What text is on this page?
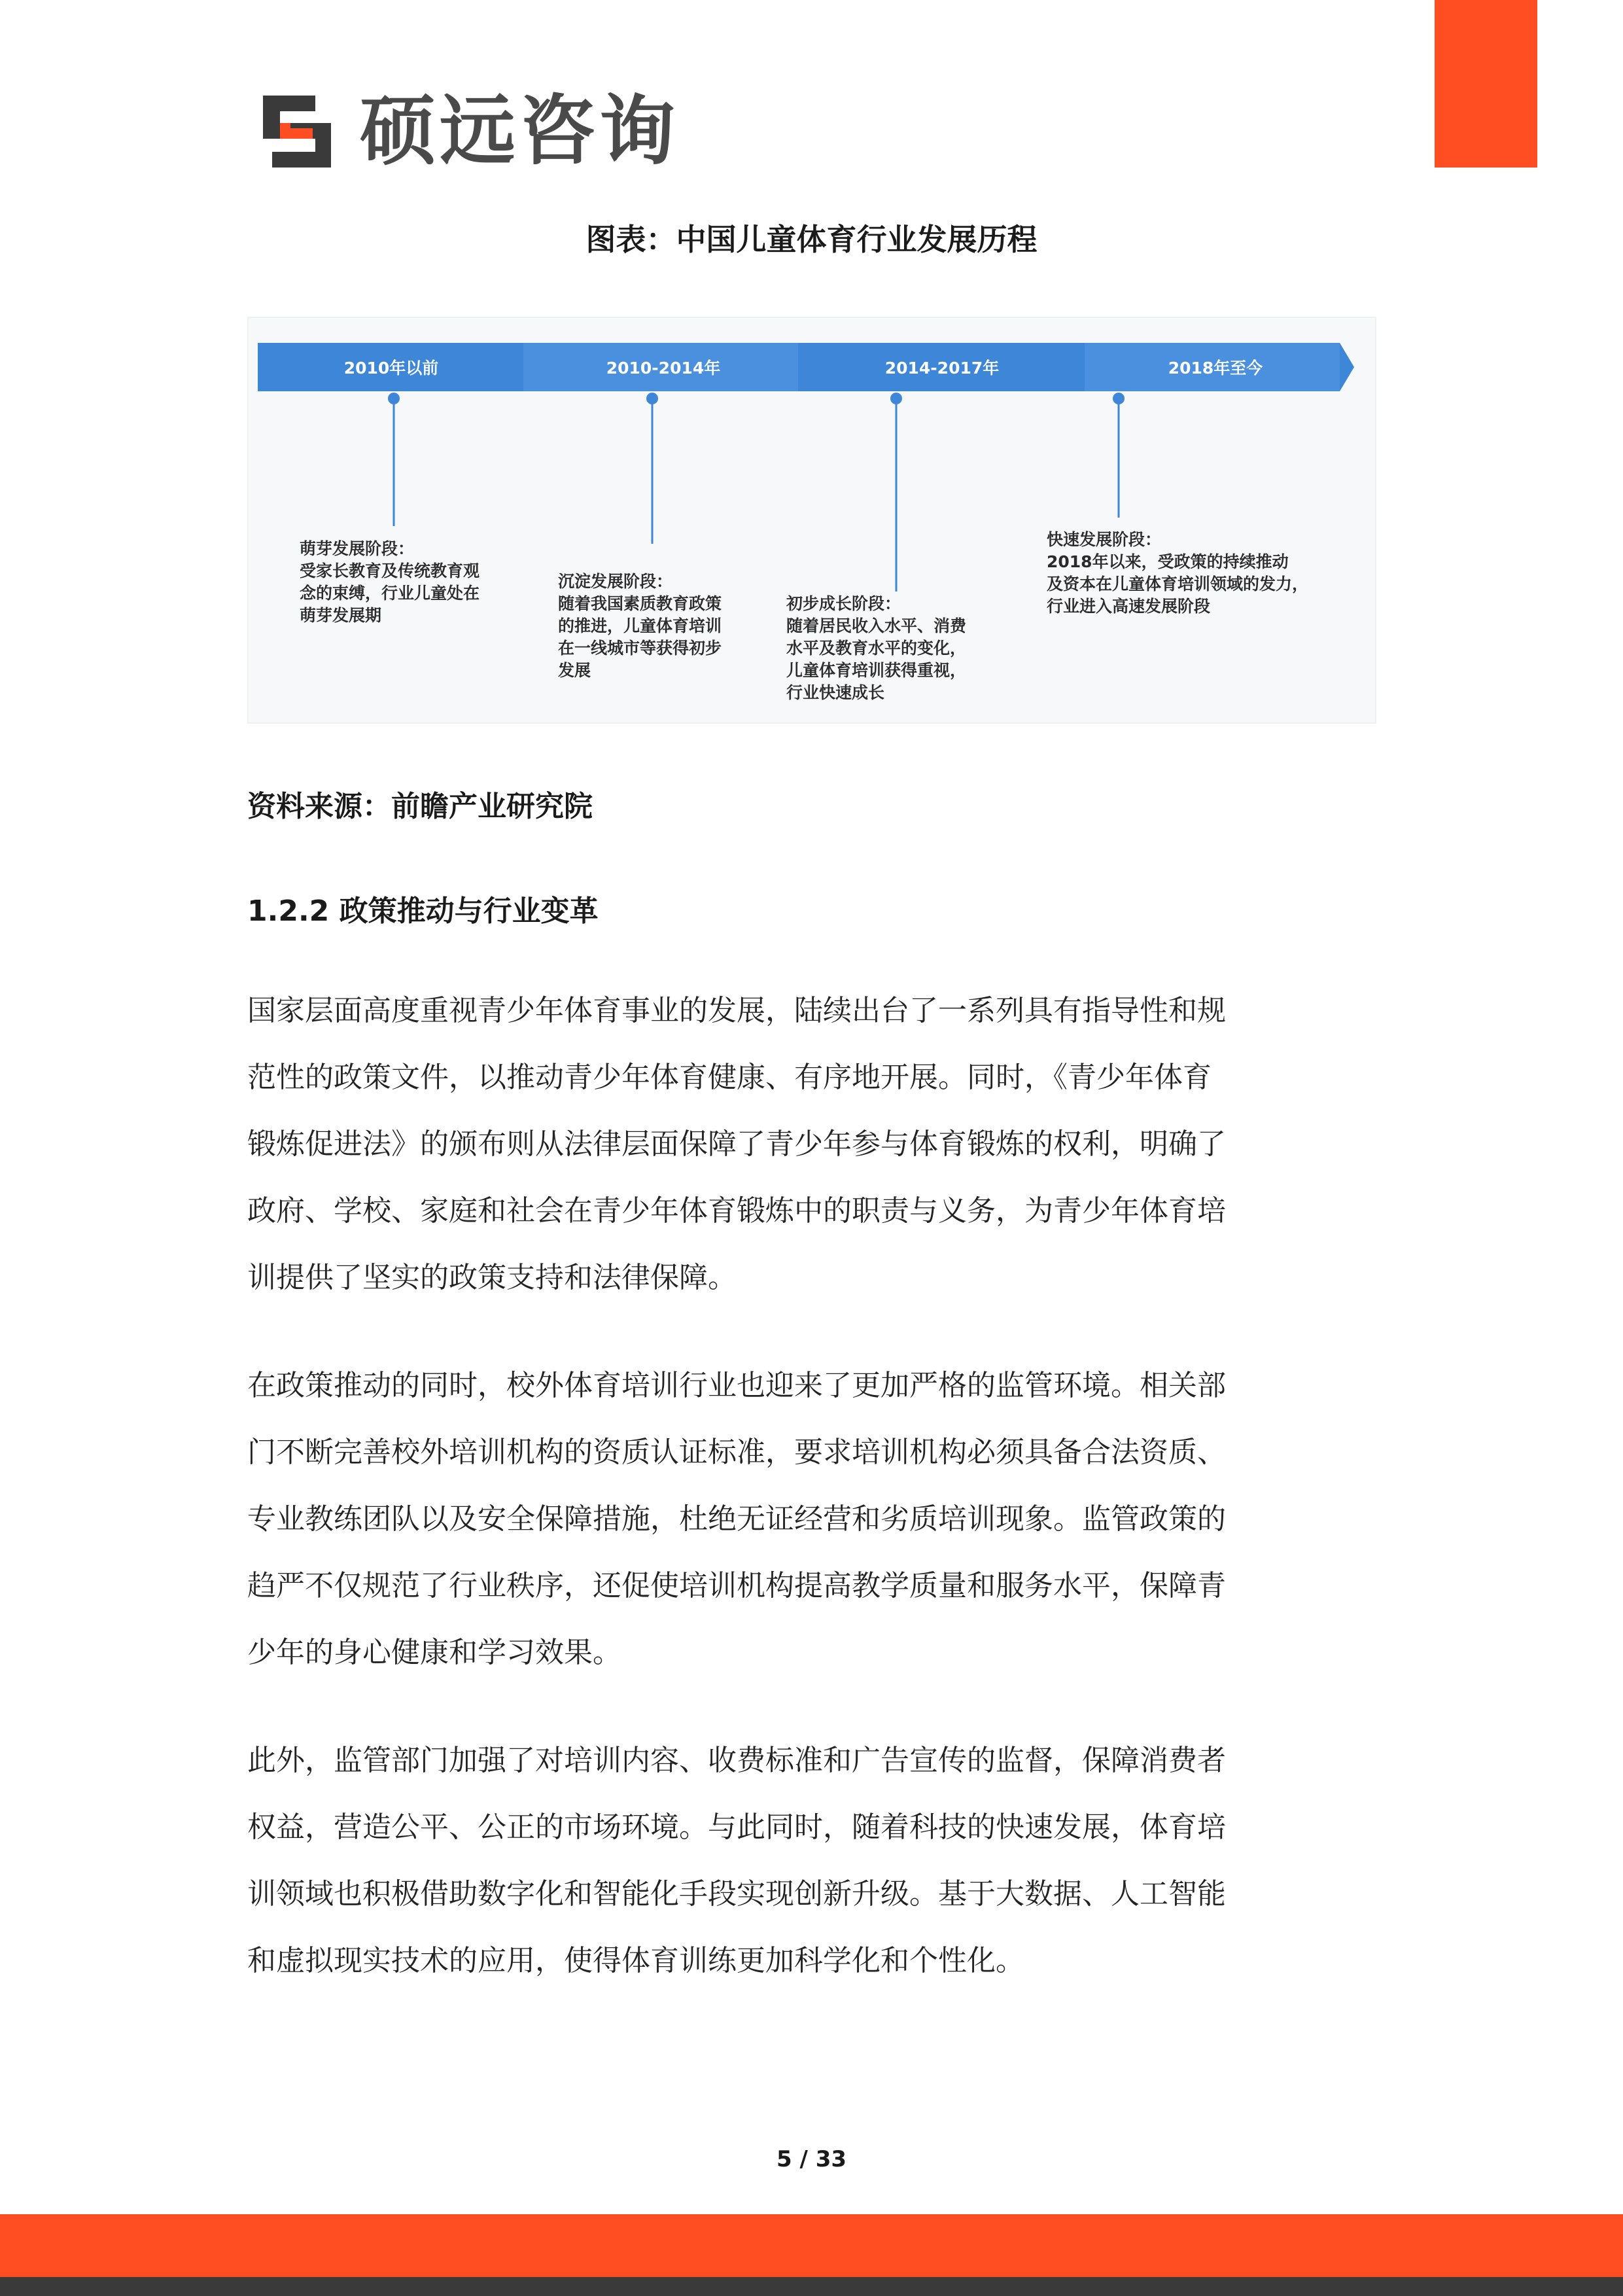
硕远咨询
图表：中国儿童体育行业发展历程
2010年以前	2010-2014年	2014-2017年	2018年至今
萌芽发展阶段：
受家长教育及传统教育观
念的束缚，行业儿童处在
萌芽发展期
沉淀发展阶段：
随着我国素质教育政策
的推进，儿童体育培训
在一线城市等获得初步
发展
初步成长阶段：
随着居民收入水平、消费
水平及教育水平的变化，
儿童体育培训获得重视，
行业快速成长
快速发展阶段：
2018年以来，受政策的持续推动
及资本在儿童体育培训领域的发力，
行业进入高速发展阶段
资料来源：前瞻产业研究院
1.2.2 政策推动与行业变革
国家层面高度重视青少年体育事业的发展，陆续出台了一系列具有指导性和规
范性的政策文件，以推动青少年体育健康、有序地开展。同时，《青少年体育
锻炼促进法》的颁布则从法律层面保障了青少年参与体育锻炼的权利，明确了
政府、学校、家庭和社会在青少年体育锻炼中的职责与义务，为青少年体育培
训提供了坚实的政策支持和法律保障。
在政策推动的同时，校外体育培训行业也迎来了更加严格的监管环境。相关部
门不断完善校外培训机构的资质认证标准，要求培训机构必须具备合法资质、
专业教练团队以及安全保障措施，杜绝无证经营和劣质培训现象。监管政策的
趋严不仅规范了行业秩序，还促使培训机构提高教学质量和服务水平，保障青
少年的身心健康和学习效果。
此外，监管部门加强了对培训内容、收费标准和广告宣传的监督，保障消费者
权益，营造公平、公正的市场环境。与此同时，随着科技的快速发展，体育培
训领域也积极借助数字化和智能化手段实现创新升级。基于大数据、人工智能
和虚拟现实技术的应用，使得体育训练更加科学化和个性化。
5 / 33
